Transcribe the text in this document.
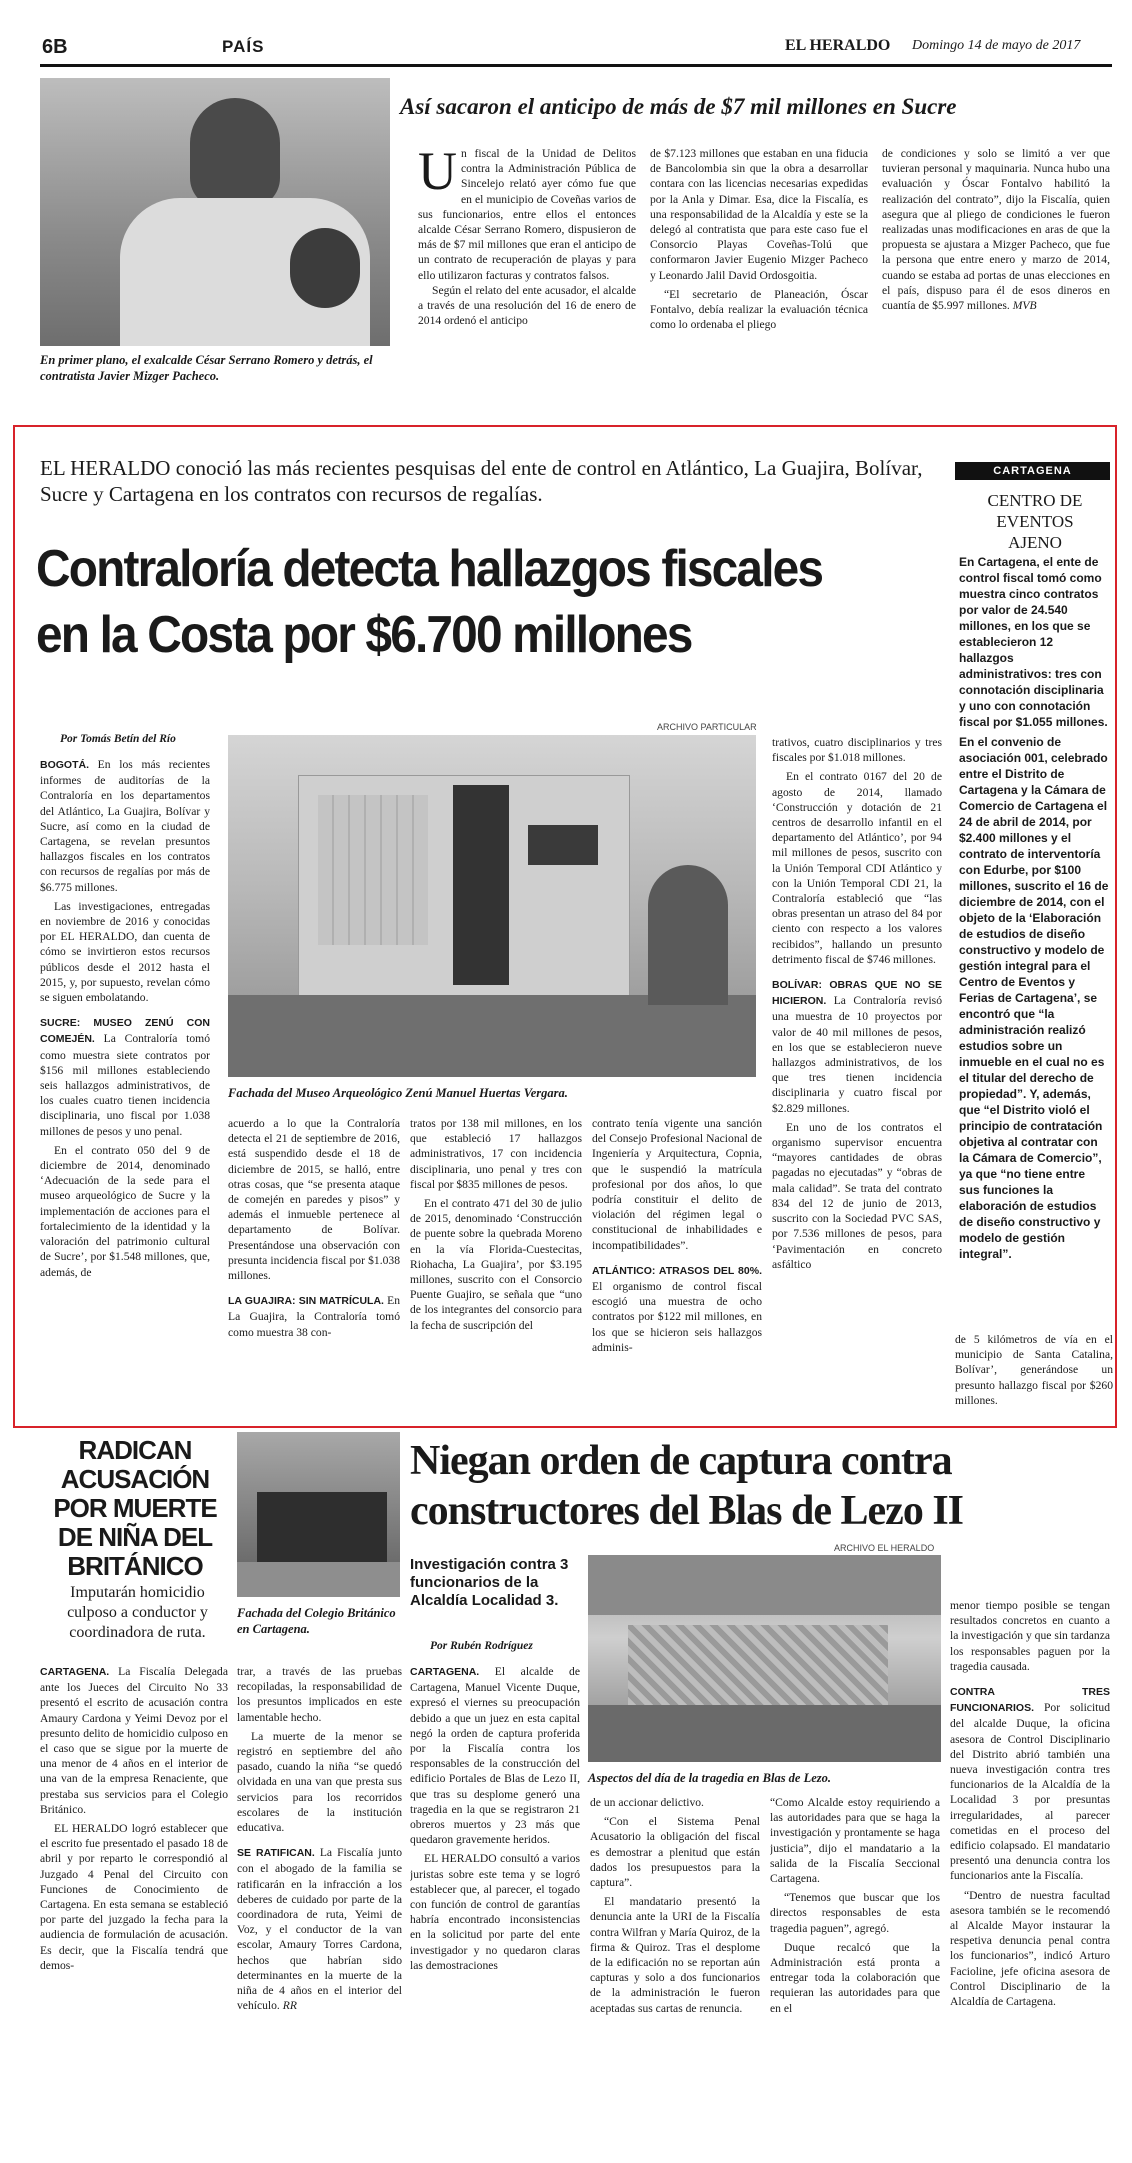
6B	PAÍS	EL HERALDO Domingo 14 de mayo de 2017
En primer plano, el exalcalde César Serrano Romero y detrás, el contratista Javier Mizger Pacheco.
Así sacaron el anticipo de más de $7 mil millones en Sucre
U n fiscal de la Unidad de Delitos contra la Administración Pública de Sincelejo relató ayer cómo fue que en el municipio de Coveñas varios de sus funcionarios, entre ellos el entonces alcalde César Serrano Romero, dispusieron de más de $7 mil millones que eran el anticipo de un contrato de recuperación de playas y para ello utilizaron facturas y contratos falsos.

Según el relato del ente acusador, el alcalde a través de una resolución del 16 de enero de 2014 ordenó el anticipo

de $7.123 millones que estaban en una fiducia de Bancolombia sin que la obra a desarrollar contara con las licencias necesarias expedidas por la Anla y Dimar. Esa, dice la Fiscalía, es una responsabilidad de la Alcaldía y este se la delegó al contratista que para este caso fue el Consorcio Playas Coveñas-Tolú que conformaron Javier Eugenio Mizger Pacheco y Leonardo Jalil David Ordosgoitia.

“El secretario de Planeación, Óscar Fontalvo, debía realizar la evaluación técnica como lo ordenaba el pliego

de condiciones y solo se limitó a ver que tuvieran personal y maquinaria. Nunca hubo una evaluación y Óscar Fontalvo habilitó la realización del contrato”, dijo la Fiscalía, quien asegura que al pliego de condiciones le fueron realizadas unas modificaciones en aras de que la propuesta se ajustara a Mizger Pacheco, que fue la persona que entre enero y marzo de 2014, cuando se estaba ad portas de unas elecciones en el país, dispuso para él de esos dineros en cuantía de $5.997 millones. MVB
EL HERALDO conoció las más recientes pesquisas del ente de control en Atlántico, La Guajira, Bolívar, Sucre y Cartagena en los contratos con recursos de regalías.
Contraloría detecta hallazgos fiscales
en la Costa por $6.700 millones
Por Tomás Betín del Río
ARCHIVO PARTICULAR
Fachada del Museo Arqueológico Zenú Manuel Huertas Vergara.

BOGOTÁ. En los más recientes informes de auditorías de la Contraloría en los departamentos del Atlántico, La Guajira, Bolívar y Sucre, así como en la ciudad de Cartagena, se revelan presuntos hallazgos fiscales en los contratos con recursos de regalías por más de $6.775 millones.

Las investigaciones, entregadas en noviembre de 2016 y conocidas por EL HERALDO, dan cuenta de cómo se invirtieron estos recursos públicos desde el 2012 hasta el 2015, y, por supuesto, revelan cómo se siguen embolatando.

SUCRE: MUSEO ZENÚ CON COMEJÉN. La Contraloría tomó como muestra siete contratos por $156 mil millones estableciendo seis hallazgos administrativos, de los cuales cuatro tienen incidencia disciplinaria, uno fiscal por 1.038 millones de pesos y uno penal.

En el contrato 050 del 9 de diciembre de 2014, denominado ‘Adecuación de la sede para el museo arqueológico de Sucre y la implementación de acciones para el fortalecimiento de la identidad y la valoración del patrimonio cultural de Sucre’, por $1.548 millones, que, además, de

acuerdo a lo que la Contraloría detecta el 21 de septiembre de 2016, está suspendido desde el 18 de diciembre de 2015, se halló, entre otras cosas, que “se presenta ataque de comején en paredes y pisos” y además el inmueble pertenece al departamento de Bolívar. Presentándose una observación con presunta incidencia fiscal por $1.038 millones.

LA GUAJIRA: SIN MATRÍCULA. En La Guajira, la Contraloría tomó como muestra 38 con-

tratos por 138 mil millones, en los que estableció 17 hallazgos administrativos, 17 con incidencia disciplinaria, uno penal y tres con fiscal por $835 millones de pesos.

En el contrato 471 del 30 de julio de 2015, denominado ‘Construcción de puente sobre la quebrada Moreno en la vía Florida-Cuestecitas, Riohacha, La Guajira’, por $3.195 millones, suscrito con el Consorcio Puente Guajiro, se señala que “uno de los integrantes del consorcio para la fecha de suscripción del

contrato tenía vigente una sanción del Consejo Profesional Nacional de Ingeniería y Arquitectura, Copnia, que le suspendió la matrícula profesional por dos años, lo que podría constituir el delito de violación del régimen legal o constitucional de inhabilidades e incompatibilidades”.

ATLÁNTICO: ATRASOS DEL 80%. El organismo de control fiscal escogió una muestra de ocho contratos por $122 mil millones, en los que se hicieron seis hallazgos adminis-

trativos, cuatro disciplinarios y tres fiscales por $1.018 millones.

En el contrato 0167 del 20 de agosto de 2014, llamado ‘Construcción y dotación de 21 centros de desarrollo infantil en el departamento del Atlántico’, por 94 mil millones de pesos, suscrito con la Unión Temporal CDI Atlántico y con la Unión Temporal CDI 21, la Contraloría estableció que “las obras presentan un atraso del 84 por ciento con respecto a los valores recibidos”, hallando un presunto detrimento fiscal de $746 millones.

BOLÍVAR: OBRAS QUE NO SE HICIERON. La Contraloría revisó una muestra de 10 proyectos por valor de 40 mil millones de pesos, en los que se establecieron nueve hallazgos administrativos, de los que tres tienen incidencia disciplinaria y cuatro fiscal por $2.829 millones.

En uno de los contratos el organismo supervisor encuentra “mayores cantidades de obras pagadas no ejecutadas” y “obras de mala calidad”. Se trata del contrato 834 del 12 de junio de 2013, suscrito con la Sociedad PVC SAS, por 7.536 millones de pesos, para ‘Pavimentación en concreto asfáltico

CARTAGENA
CENTRO DE EVENTOS AJENO

En Cartagena, el ente de control fiscal tomó como muestra cinco contratos por valor de 24.540 millones, en los que se establecieron 12 hallazgos administrativos: tres con connotación disciplinaria y uno con connotación fiscal por $1.055 millones.

En el convenio de asociación 001, celebrado entre el Distrito de Cartagena y la Cámara de Comercio de Cartagena el 24 de abril de 2014, por $2.400 millones y el contrato de interventoría con Edurbe, por $100 millones, suscrito el 16 de diciembre de 2014, con el objeto de la ‘Elaboración de estudios de diseño constructivo y modelo de gestión integral para el Centro de Eventos y Ferias de Cartagena’, se encontró que “la administración realizó estudios sobre un inmueble en el cual no es el titular del derecho de propiedad”. Y, además, que “el Distrito violó el principio de contratación objetiva al contratar con la Cámara de Comercio”, ya que “no tiene entre sus funciones la elaboración de estudios de diseño constructivo y modelo de gestión integral”.

de 5 kilómetros de vía en el municipio de Santa Catalina, Bolívar’, generándose un presunto hallazgo fiscal por $260 millones.

RADICAN ACUSACIÓN POR MUERTE DE NIÑA DEL BRITÁNICO
Imputarán homicidio culposo a conductor y coordinadora de ruta.
Fachada del Colegio Británico en Cartagena.

CARTAGENA. La Fiscalía Delegada ante los Jueces del Circuito No 33 presentó el escrito de acusación contra Amaury Cardona y Yeimi Devoz por el presunto delito de homicidio culposo en el caso que se sigue por la muerte de una menor de 4 años en el interior de una van de la empresa Renaciente, que prestaba sus servicios para el Colegio Británico.

EL HERALDO logró establecer que el escrito fue presentado el pasado 18 de abril y por reparto le correspondió al Juzgado 4 Penal del Circuito con Funciones de Conocimiento de Cartagena. En esta semana se estableció por parte del juzgado la fecha para la audiencia de formulación de acusación. Es decir, que la Fiscalía tendrá que demos-

trar, a través de las pruebas recopiladas, la responsabilidad de los presuntos implicados en este lamentable hecho.

La muerte de la menor se registró en septiembre del año pasado, cuando la niña “se quedó olvidada en una van que presta sus servicios para los recorridos escolares de la institución educativa.

SE RATIFICAN. La Fiscalía junto con el abogado de la familia se ratificarán en la infracción a los deberes de cuidado por parte de la coordinadora de ruta, Yeimi de Voz, y el conductor de la van escolar, Amaury Torres Cardona, hechos que habrían sido determinantes en la muerte de la niña de 4 años en el interior del vehículo. RR

Niegan orden de captura contra
constructores del Blas de Lezo II
Investigación contra 3 funcionarios de la Alcaldía Localidad 3.
Por Rubén Rodríguez
ARCHIVO EL HERALDO
Aspectos del día de la tragedia en Blas de Lezo.

CARTAGENA. El alcalde de Cartagena, Manuel Vicente Duque, expresó el viernes su preocupación debido a que un juez en esta capital negó la orden de captura proferida por la Fiscalía contra los responsables de la construcción del edificio Portales de Blas de Lezo II, que tras su desplome generó una tragedia en la que se registraron 21 obreros muertos y 23 más que quedaron gravemente heridos.

EL HERALDO consultó a varios juristas sobre este tema y se logró establecer que, al parecer, el togado con función de control de garantías habría encontrado inconsistencias en la solicitud por parte del ente investigador y no quedaron claras las demostraciones

de un accionar delictivo.

“Con el Sistema Penal Acusatorio la obligación del fiscal es demostrar a plenitud que están dados los presupuestos para la captura”.

El mandatario presentó la denuncia ante la URI de la Fiscalía contra Wilfran y María Quiroz, de la firma & Quiroz. Tras el desplome de la edificación no se reportan aún capturas y solo a dos funcionarios de la administración le fueron aceptadas sus cartas de renuncia.

“Como Alcalde estoy requiriendo a las autoridades para que se haga la investigación y prontamente se haga justicia”, dijo el mandatario a la salida de la Fiscalía Seccional Cartagena.

“Tenemos que buscar que los directos responsables de esta tragedia paguen”, agregó.

Duque recalcó que la Administración está pronta a entregar toda la colaboración que requieran las autoridades para que en el

menor tiempo posible se tengan resultados concretos en cuanto a la investigación y que sin tardanza los responsables paguen por la tragedia causada.

CONTRA TRES FUNCIONARIOS. Por solicitud del alcalde Duque, la oficina asesora de Control Disciplinario del Distrito abrió también una nueva investigación contra tres funcionarios de la Alcaldía de la Localidad 3 por presuntas irregularidades, al parecer cometidas en el proceso del edificio colapsado. El mandatario presentó una denuncia contra los funcionarios ante la Fiscalía.

“Dentro de nuestra facultad asesora también se le recomendó al Alcalde Mayor instaurar la respetiva denuncia penal contra los funcionarios”, indicó Arturo Facioline, jefe oficina asesora de Control Disciplinario de la Alcaldía de Cartagena.
